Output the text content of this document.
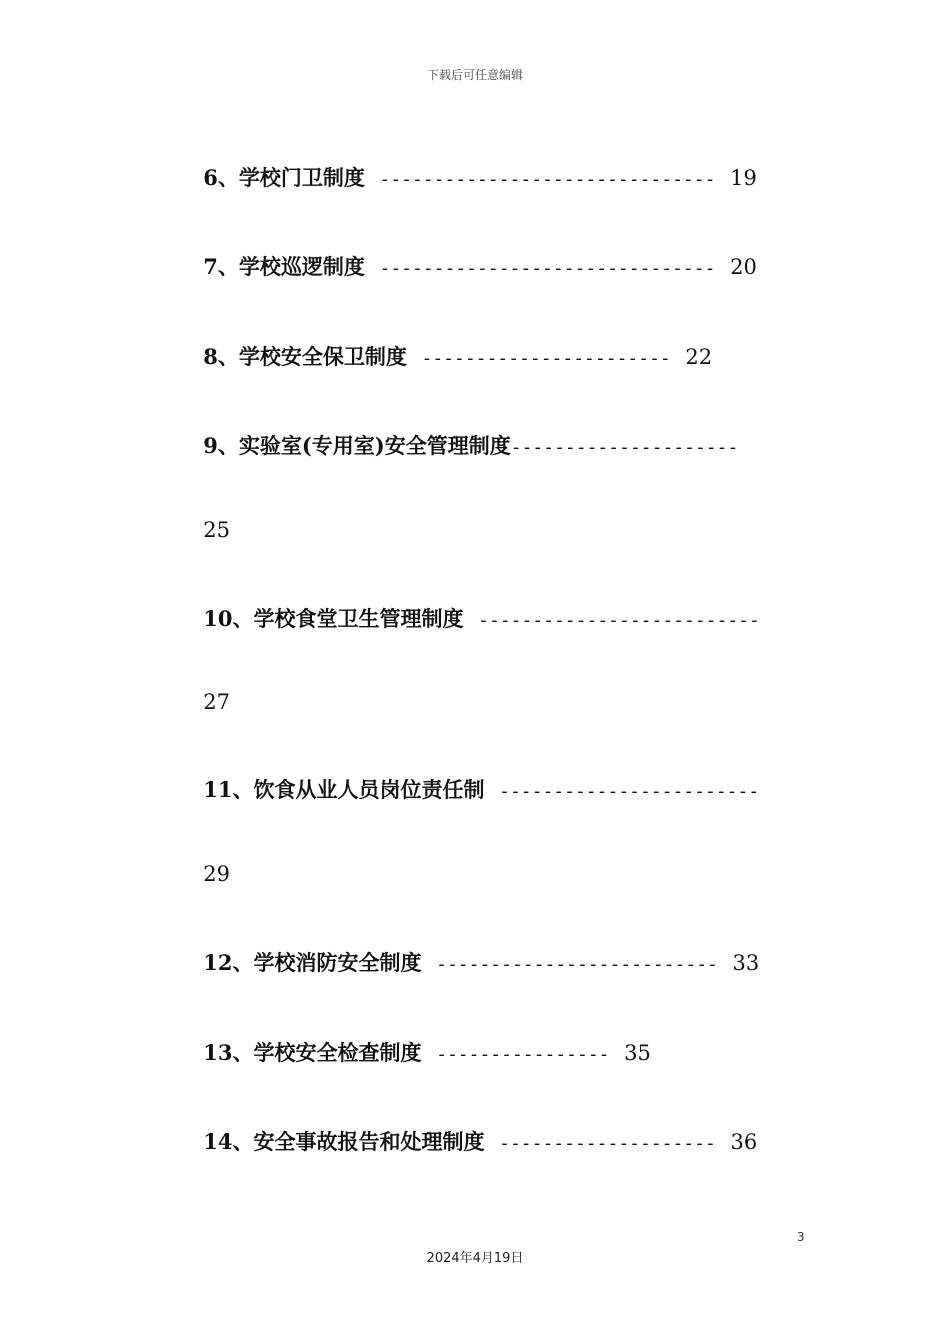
下载后可任意编辑

6、学校门卫制度 ------------------------------- 19

7、学校巡逻制度 ------------------------------- 20

8、学校安全保卫制度 ----------------------- 22

9、实验室(专用室)安全管理制度---------------------

25

10、学校食堂卫生管理制度 --------------------------

27

11、饮食从业人员岗位责任制 ------------------------

29

12、学校消防安全制度 -------------------------- 33

13、学校安全检查制度 ---------------- 35

14、安全事故报告和处理制度 -------------------- 36

3
2024年4月19日
